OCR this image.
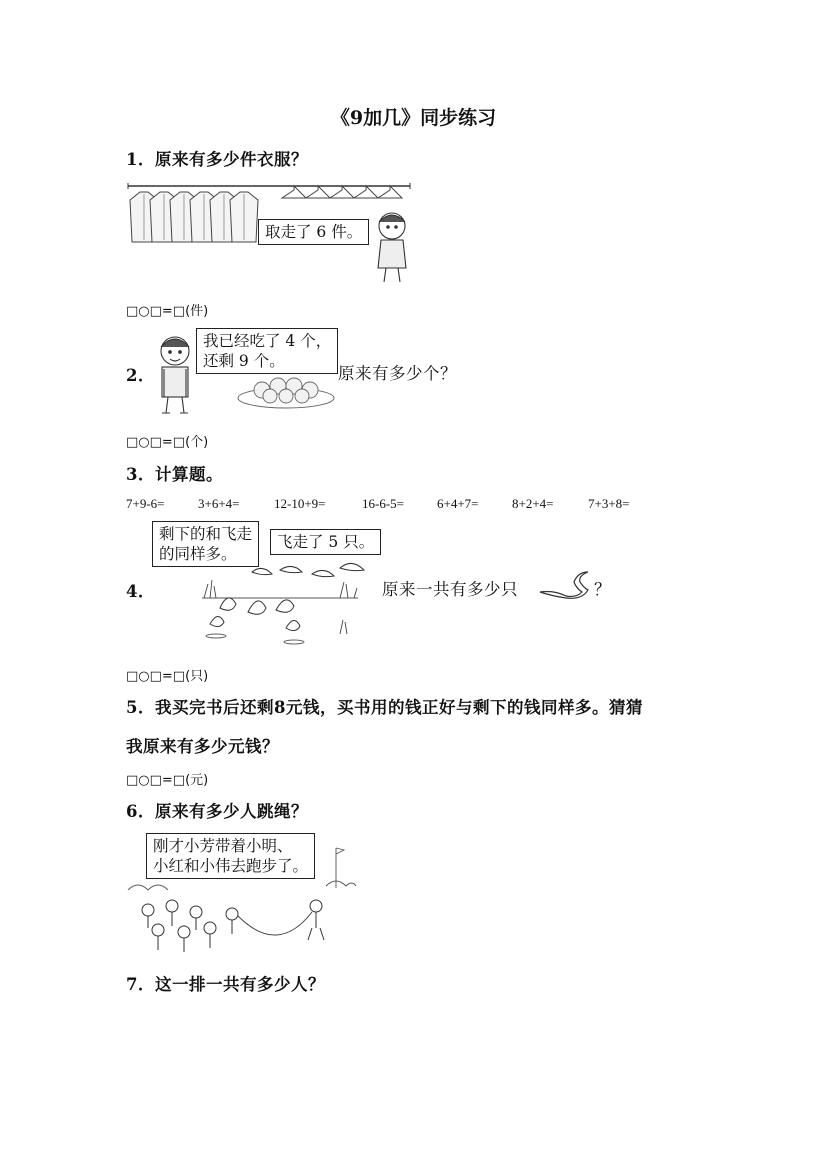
《9加几》同步练习
1．原来有多少件衣服？
取走了 6 件。
□○□=□(件)
2．
我已经吃了 4 个，
还剩 9 个。
原来有多少个？
□○□=□(个)
3．计算题。
7+9-6=	3+6+4=	12-10+9=	16-6-5=	6+4+7=	8+2+4=	7+3+8=
剩下的和飞走
的同样多。
飞走了 5 只。
4．	原来一共有多少只	？
□○□=□(只)
5．我买完书后还剩8元钱，买书用的钱正好与剩下的钱同样多。猜猜
我原来有多少元钱？
□○□=□(元)
6．原来有多少人跳绳？
刚才小芳带着小明、
小红和小伟去跑步了。
7．这一排一共有多少人？
